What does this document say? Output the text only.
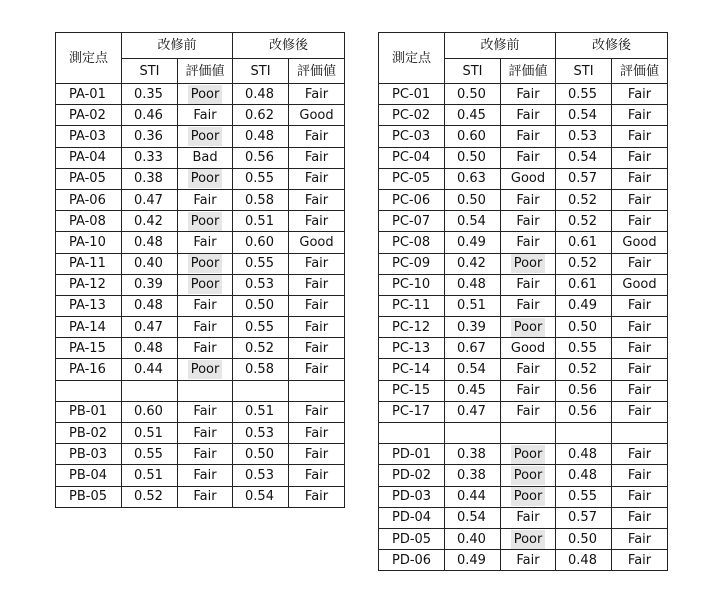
測定点	改修前		改修後	
	STI	評価値	STI	評価値
PA-01	0.35	Poor	0.48	Fair
PA-02	0.46	Fair	0.62	Good
PA-03	0.36	Poor	0.48	Fair
PA-04	0.33	Bad	0.56	Fair
PA-05	0.38	Poor	0.55	Fair
PA-06	0.47	Fair	0.58	Fair
PA-08	0.42	Poor	0.51	Fair
PA-10	0.48	Fair	0.60	Good
PA-11	0.40	Poor	0.55	Fair
PA-12	0.39	Poor	0.53	Fair
PA-13	0.48	Fair	0.50	Fair
PA-14	0.47	Fair	0.55	Fair
PA-15	0.48	Fair	0.52	Fair
PA-16	0.44	Poor	0.58	Fair

PB-01	0.60	Fair	0.51	Fair
PB-02	0.51	Fair	0.53	Fair
PB-03	0.55	Fair	0.50	Fair
PB-04	0.51	Fair	0.53	Fair
PB-05	0.52	Fair	0.54	Fair
測定点	改修前		改修後	
	STI	評価値	STI	評価値
PC-01	0.50	Fair	0.55	Fair
PC-02	0.45	Fair	0.54	Fair
PC-03	0.60	Fair	0.53	Fair
PC-04	0.50	Fair	0.54	Fair
PC-05	0.63	Good	0.57	Fair
PC-06	0.50	Fair	0.52	Fair
PC-07	0.54	Fair	0.52	Fair
PC-08	0.49	Fair	0.61	Good
PC-09	0.42	Poor	0.52	Fair
PC-10	0.48	Fair	0.61	Good
PC-11	0.51	Fair	0.49	Fair
PC-12	0.39	Poor	0.50	Fair
PC-13	0.67	Good	0.55	Fair
PC-14	0.54	Fair	0.52	Fair
PC-15	0.45	Fair	0.56	Fair
PC-17	0.47	Fair	0.56	Fair

PD-01	0.38	Poor	0.48	Fair
PD-02	0.38	Poor	0.48	Fair
PD-03	0.44	Poor	0.55	Fair
PD-04	0.54	Fair	0.57	Fair
PD-05	0.40	Poor	0.50	Fair
PD-06	0.49	Fair	0.48	Fair
